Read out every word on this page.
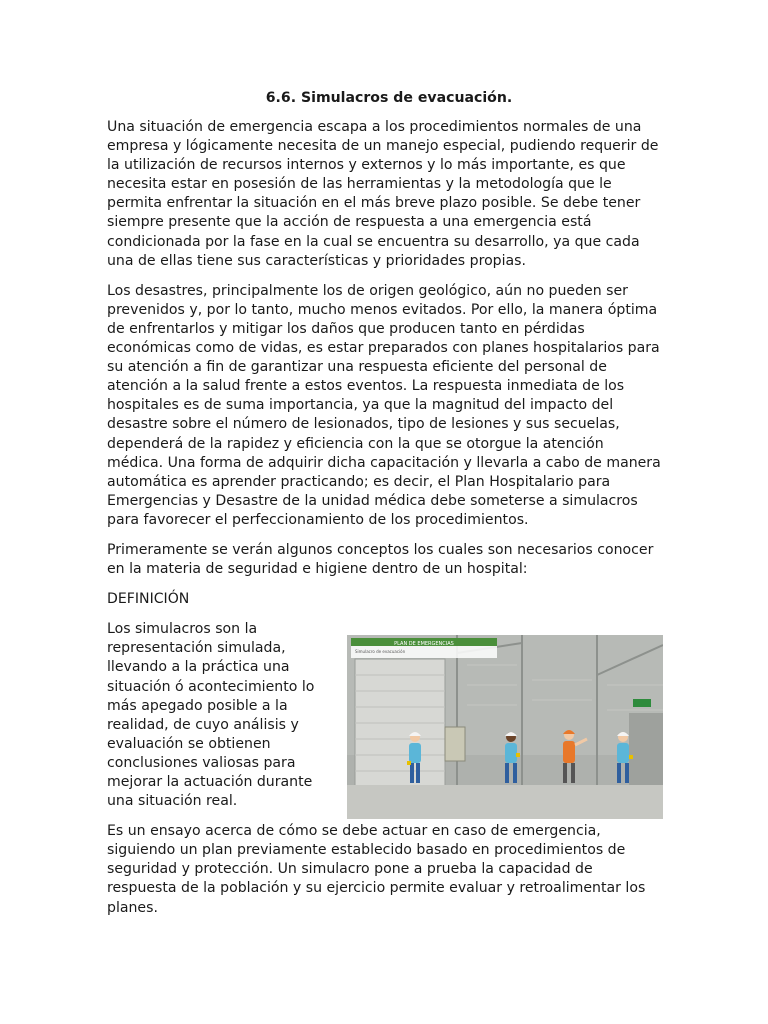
6.6. Simulacros de evacuación.

Una situación de emergencia escapa a los procedimientos normales de una empresa y lógicamente necesita de un manejo especial, pudiendo requerir de la utilización de recursos internos y externos y lo más importante, es que necesita estar en posesión de las herramientas y la metodología que le permita enfrentar la situación en el más breve plazo posible. Se debe tener siempre presente que la acción de respuesta a una emergencia está condicionada por la fase en la cual se encuentra su desarrollo, ya que cada una de ellas tiene sus características y prioridades propias.

Los desastres, principalmente los de origen geológico, aún no pueden ser prevenidos y, por lo tanto, mucho menos evitados. Por ello, la manera óptima de enfrentarlos y mitigar los daños que producen tanto en pérdidas económicas como de vidas, es estar preparados con planes hospitalarios para su atención a fin de garantizar una respuesta eficiente del personal de atención a la salud frente a estos eventos. La respuesta inmediata de los hospitales es de suma importancia, ya que la magnitud del impacto del desastre sobre el número de lesionados, tipo de lesiones y sus secuelas, dependerá de la rapidez y eficiencia con la que se otorgue la atención médica. Una forma de adquirir dicha capacitación y llevarla a cabo de manera automática es aprender practicando; es decir, el Plan Hospitalario para Emergencias y Desastre de la unidad médica debe someterse a simulacros para favorecer el perfeccionamiento de los procedimientos.

Primeramente se verán algunos conceptos los cuales son necesarios conocer en la materia de seguridad e higiene dentro de un hospital:

DEFINICIÓN

PLAN DE EMERGENCIAS
Simulacro de evacuación

Los simulacros son la representación simulada, llevando a la práctica una situación ó acontecimiento lo más apegado posible a la realidad, de cuyo análisis y evaluación se obtienen conclusiones valiosas para mejorar la actuación durante una situación real.

Es un ensayo acerca de cómo se debe actuar en caso de emergencia, siguiendo un plan previamente establecido basado en procedimientos de seguridad y protección. Un simulacro pone a prueba la capacidad de respuesta de la población y su ejercicio permite evaluar y retroalimentar los planes.
